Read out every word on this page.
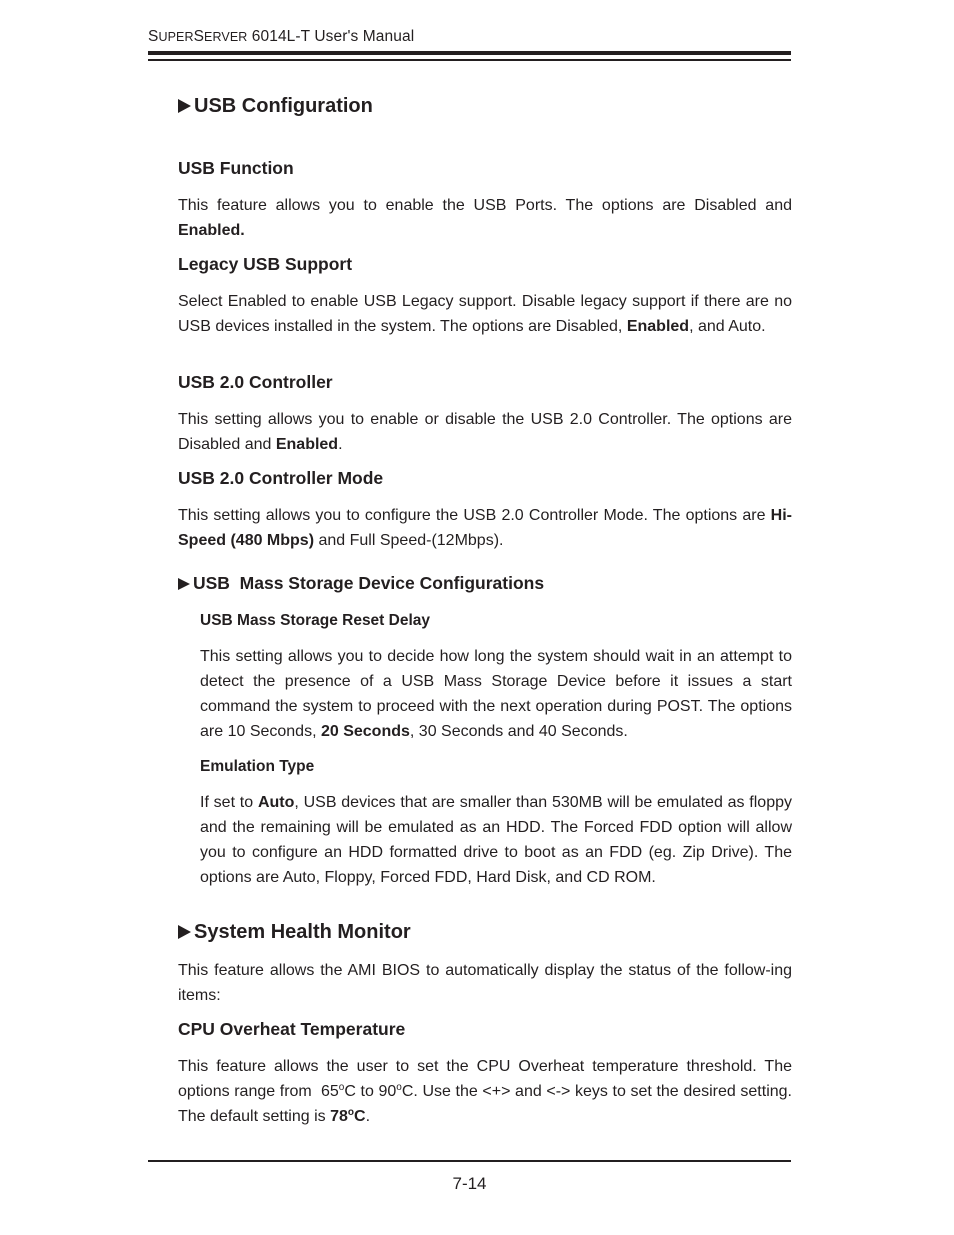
SUPERSERVER 6014L-T User's Manual
USB Configuration
USB Function

This feature allows you to enable the USB Ports. The options are Disabled and Enabled.

Legacy USB Support

Select Enabled to enable USB Legacy support. Disable legacy support if there are no USB devices installed in the system. The options are Disabled, Enabled, and Auto.

USB 2.0 Controller

This setting allows you to enable or disable the USB 2.0 Controller. The options are Disabled and Enabled.

USB 2.0 Controller Mode

This setting allows you to configure the USB 2.0 Controller Mode. The options are Hi-Speed (480 Mbps) and Full Speed-(12Mbps).

USB  Mass Storage Device Configurations
USB Mass Storage Reset Delay

This setting allows you to decide how long the system should wait in an attempt to detect the presence of a USB Mass Storage Device before it issues a start command the system to proceed with the next operation during POST. The options are 10 Seconds, 20 Seconds, 30 Seconds and 40 Seconds.

Emulation Type

If set to Auto, USB devices that are smaller than 530MB will be emulated as floppy and the remaining will be emulated as an HDD. The Forced FDD option will allow you to configure an HDD formatted drive to boot as an FDD (eg. Zip Drive). The options are Auto, Floppy, Forced FDD, Hard Disk, and CD ROM.

System Health Monitor

This feature allows the AMI BIOS to automatically display the status of the follow-ing items:

CPU Overheat Temperature

This feature allows the user to set the CPU Overheat temperature threshold. The options range from  65$^o$C to 90$^o$C. Use the <+> and <-> keys to set the desired setting. The default setting is 78$^o$C.

7-14
